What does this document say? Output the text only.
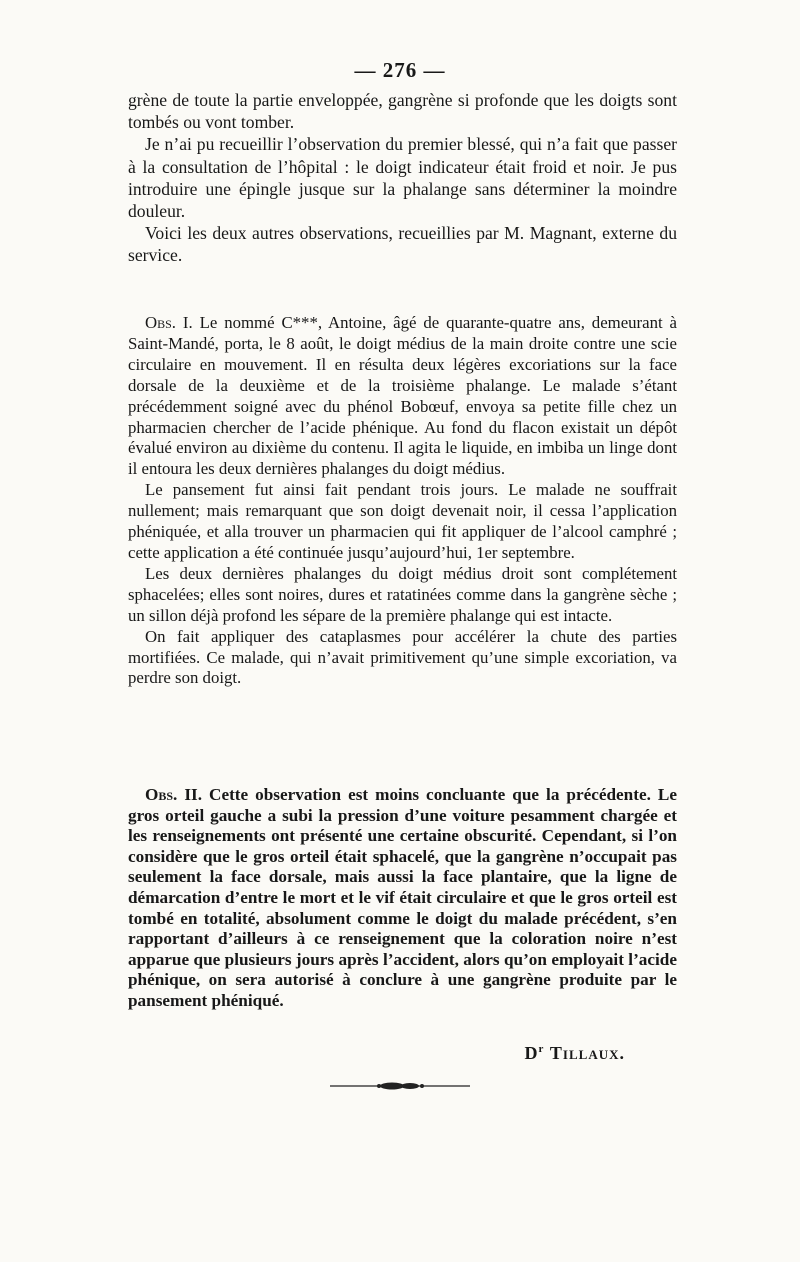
— 276 —

grène de toute la partie enveloppée, gangrène si profonde que les doigts sont tombés ou vont tomber.

Je n’ai pu recueillir l’observation du premier blessé, qui n’a fait que passer à la consultation de l’hôpital : le doigt indicateur était froid et noir. Je pus introduire une épingle jusque sur la phalange sans déterminer la moindre douleur.

Voici les deux autres observations, recueillies par M. Magnant, externe du service.

Obs. I. Le nommé C***, Antoine, âgé de quarante-quatre ans, demeurant à Saint-Mandé, porta, le 8 août, le doigt médius de la main droite contre une scie circulaire en mouvement. Il en résulta deux légères excoriations sur la face dorsale de la deuxième et de la troisième phalange. Le malade s’étant précédemment soigné avec du phénol Bobœuf, envoya sa petite fille chez un pharmacien chercher de l’acide phénique. Au fond du flacon existait un dépôt évalué environ au dixième du contenu. Il agita le liquide, en imbiba un linge dont il entoura les deux dernières phalanges du doigt médius.

Le pansement fut ainsi fait pendant trois jours. Le malade ne souffrait nullement; mais remarquant que son doigt devenait noir, il cessa l’application phéniquée, et alla trouver un pharmacien qui fit appliquer de l’alcool camphré ; cette application a été continuée jusqu’aujourd’hui, 1er septembre.

Les deux dernières phalanges du doigt médius droit sont complétement sphacelées; elles sont noires, dures et ratatinées comme dans la gangrène sèche ; un sillon déjà profond les sépare de la première phalange qui est intacte.

On fait appliquer des cataplasmes pour accélérer la chute des parties mortifiées. Ce malade, qui n’avait primitivement qu’une simple excoriation, va perdre son doigt.

Obs. II. Cette observation est moins concluante que la précédente. Le gros orteil gauche a subi la pression d’une voiture pesamment chargée et les renseignements ont présenté une certaine obscurité. Cependant, si l’on considère que le gros orteil était sphacelé, que la gangrène n’occupait pas seulement la face dorsale, mais aussi la face plantaire, que la ligne de démarcation d’entre le mort et le vif était circulaire et que le gros orteil est tombé en totalité, absolument comme le doigt du malade précédent, s’en rapportant d’ailleurs à ce renseignement que la coloration noire n’est apparue que plusieurs jours après l’accident, alors qu’on employait l’acide phénique, on sera autorisé à conclure à une gangrène produite par le pansement phéniqué.

$D^r$ Tillaux.
